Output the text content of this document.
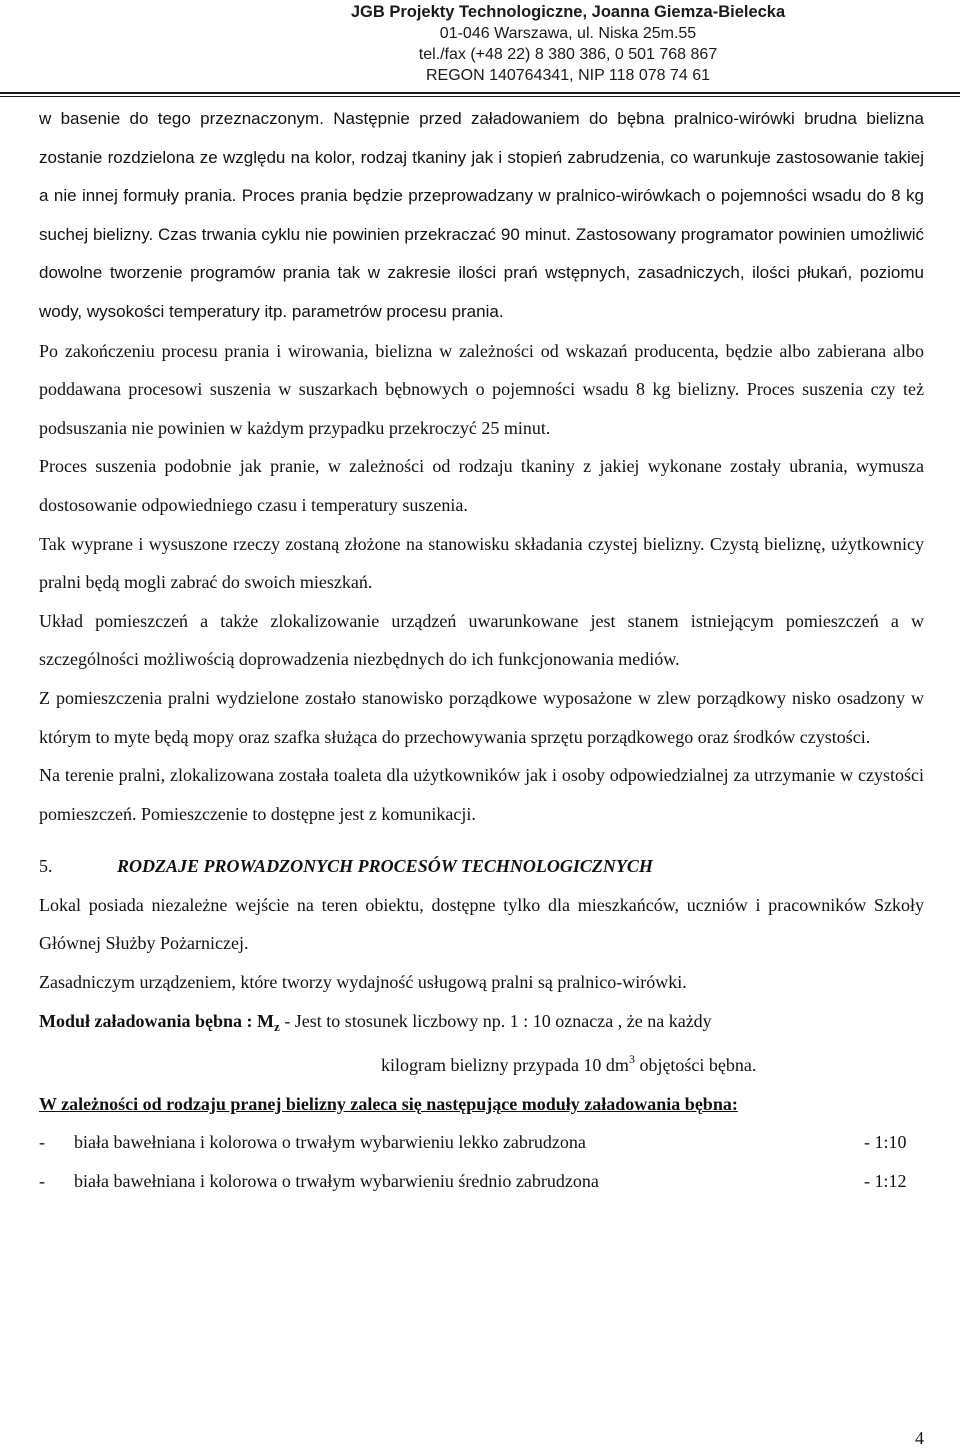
JGB Projekty Technologiczne, Joanna Giemza-Bielecka
01-046 Warszawa, ul. Niska 25m.55
tel./fax (+48 22) 8 380 386, 0 501 768 867
REGON 140764341, NIP 118 078 74 61

w basenie do tego przeznaczonym. Następnie przed załadowaniem do bębna pralnico-wirówki brudna bielizna zostanie rozdzielona ze względu na kolor, rodzaj tkaniny jak i stopień zabrudzenia, co warunkuje zastosowanie takiej a nie innej formuły prania. Proces prania będzie przeprowadzany w pralnico-wirówkach o pojemności wsadu do 8 kg suchej bielizny. Czas trwania cyklu nie powinien przekraczać 90 minut. Zastosowany programator powinien umożliwić dowolne tworzenie programów prania tak w zakresie ilości prań wstępnych, zasadniczych, ilości płukań, poziomu wody, wysokości temperatury itp. parametrów procesu prania.

Po zakończeniu procesu prania i wirowania, bielizna w zależności od wskazań producenta, będzie albo zabierana albo poddawana procesowi suszenia w suszarkach bębnowych o pojemności wsadu 8 kg bielizny. Proces suszenia czy też podsuszania nie powinien w każdym przypadku przekroczyć 25 minut.

Proces suszenia podobnie jak pranie, w zależności od rodzaju tkaniny z jakiej wykonane zostały ubrania, wymusza dostosowanie odpowiedniego czasu i temperatury suszenia.

Tak wyprane i wysuszone rzeczy zostaną złożone na stanowisku składania czystej bielizny. Czystą bieliznę, użytkownicy pralni będą mogli zabrać do swoich mieszkań.

Układ pomieszczeń a także zlokalizowanie urządzeń uwarunkowane jest stanem istniejącym pomieszczeń a w szczególności możliwością doprowadzenia niezbędnych do ich funkcjonowania mediów.

Z pomieszczenia pralni wydzielone zostało stanowisko porządkowe wyposażone w zlew porządkowy nisko osadzony w którym to myte będą mopy oraz szafka służąca do przechowywania sprzętu porządkowego oraz środków czystości.

Na terenie pralni, zlokalizowana została toaleta dla użytkowników jak i osoby odpowiedzialnej za utrzymanie w czystości pomieszczeń. Pomieszczenie to dostępne jest z komunikacji.

5.	RODZAJE PROWADZONYCH PROCESÓW TECHNOLOGICZNYCH

Lokal posiada niezależne wejście na teren obiektu, dostępne tylko dla mieszkańców, uczniów i pracowników Szkoły Głównej Służby Pożarniczej.

Zasadniczym urządzeniem, które tworzy wydajność usługową pralni są pralnico-wirówki.

Moduł załadowania bębna : $M_z$ - Jest to stosunek liczbowy np. 1 : 10 oznacza , że na każdy
kilogram bielizny przypada 10 $dm^3$ objętości bębna.

W zależności od rodzaju pranej bielizny zaleca się następujące moduły załadowania bębna:

-	biała bawełniana i kolorowa o trwałym wybarwieniu lekko zabrudzona	- 1:10
-	biała bawełniana i kolorowa o trwałym wybarwieniu średnio zabrudzona	- 1:12
4
